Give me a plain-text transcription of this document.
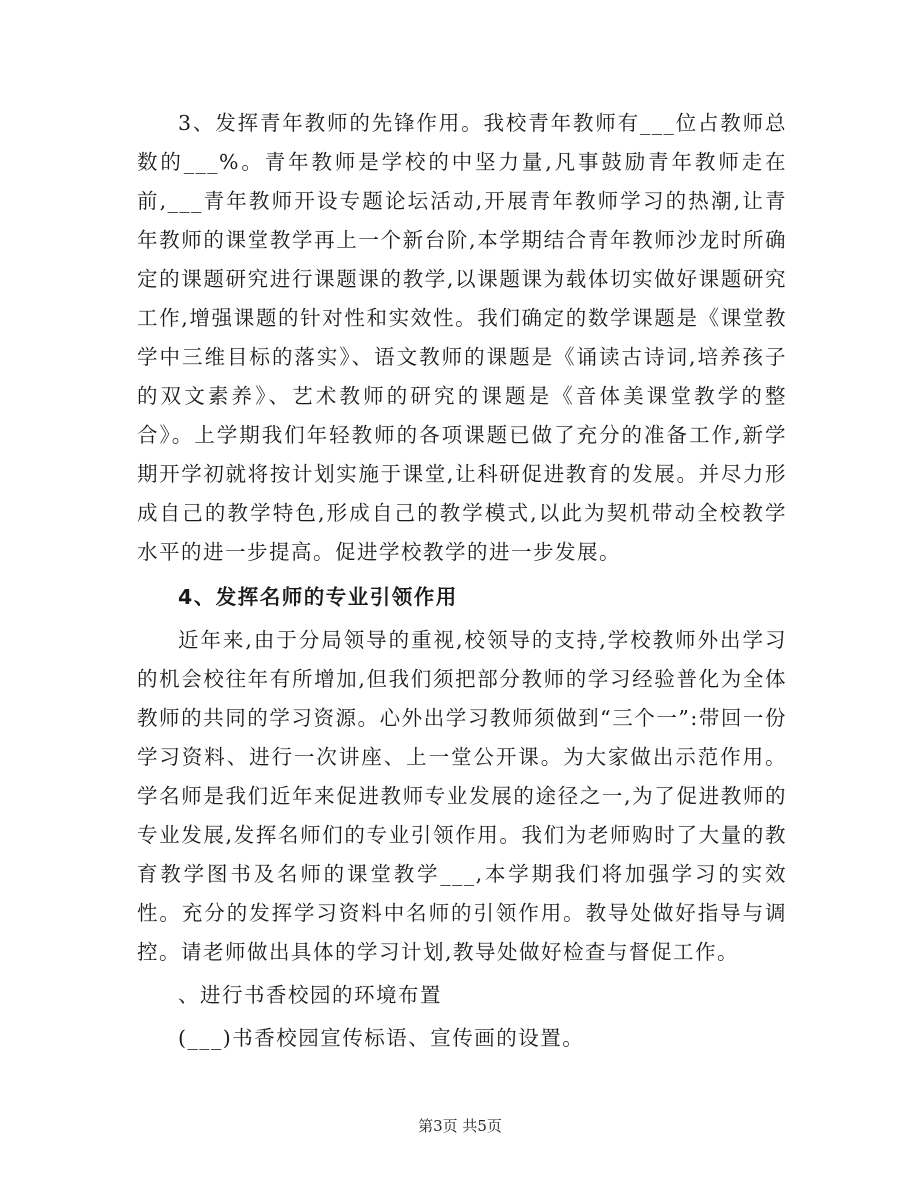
3、发挥青年教师的先锋作用。我校青年教师有___位占教师总数的___%。青年教师是学校的中坚力量,凡事鼓励青年教师走在前,___青年教师开设专题论坛活动,开展青年教师学习的热潮,让青年教师的课堂教学再上一个新台阶,本学期结合青年教师沙龙时所确定的课题研究进行课题课的教学,以课题课为载体切实做好课题研究工作,增强课题的针对性和实效性。我们确定的数学课题是《课堂教学中三维目标的落实》、语文教师的课题是《诵读古诗词,培养孩子的双文素养》、艺术教师的研究的课题是《音体美课堂教学的整合》。上学期我们年轻教师的各项课题已做了充分的准备工作,新学期开学初就将按计划实施于课堂,让科研促进教育的发展。并尽力形成自己的教学特色,形成自己的教学模式,以此为契机带动全校教学水平的进一步提高。促进学校教学的进一步发展。

4、发挥名师的专业引领作用

近年来,由于分局领导的重视,校领导的支持,学校教师外出学习的机会校往年有所增加,但我们须把部分教师的学习经验普化为全体教师的共同的学习资源。心外出学习教师须做到“三个一”:带回一份学习资料、进行一次讲座、上一堂公开课。为大家做出示范作用。学名师是我们近年来促进教师专业发展的途径之一,为了促进教师的专业发展,发挥名师们的专业引领作用。我们为老师购时了大量的教育教学图书及名师的课堂教学___,本学期我们将加强学习的实效性。充分的发挥学习资料中名师的引领作用。教导处做好指导与调控。请老师做出具体的学习计划,教导处做好检查与督促工作。

、进行书香校园的环境布置

(___)书香校园宣传标语、宣传画的设置。

第3页 共5页
